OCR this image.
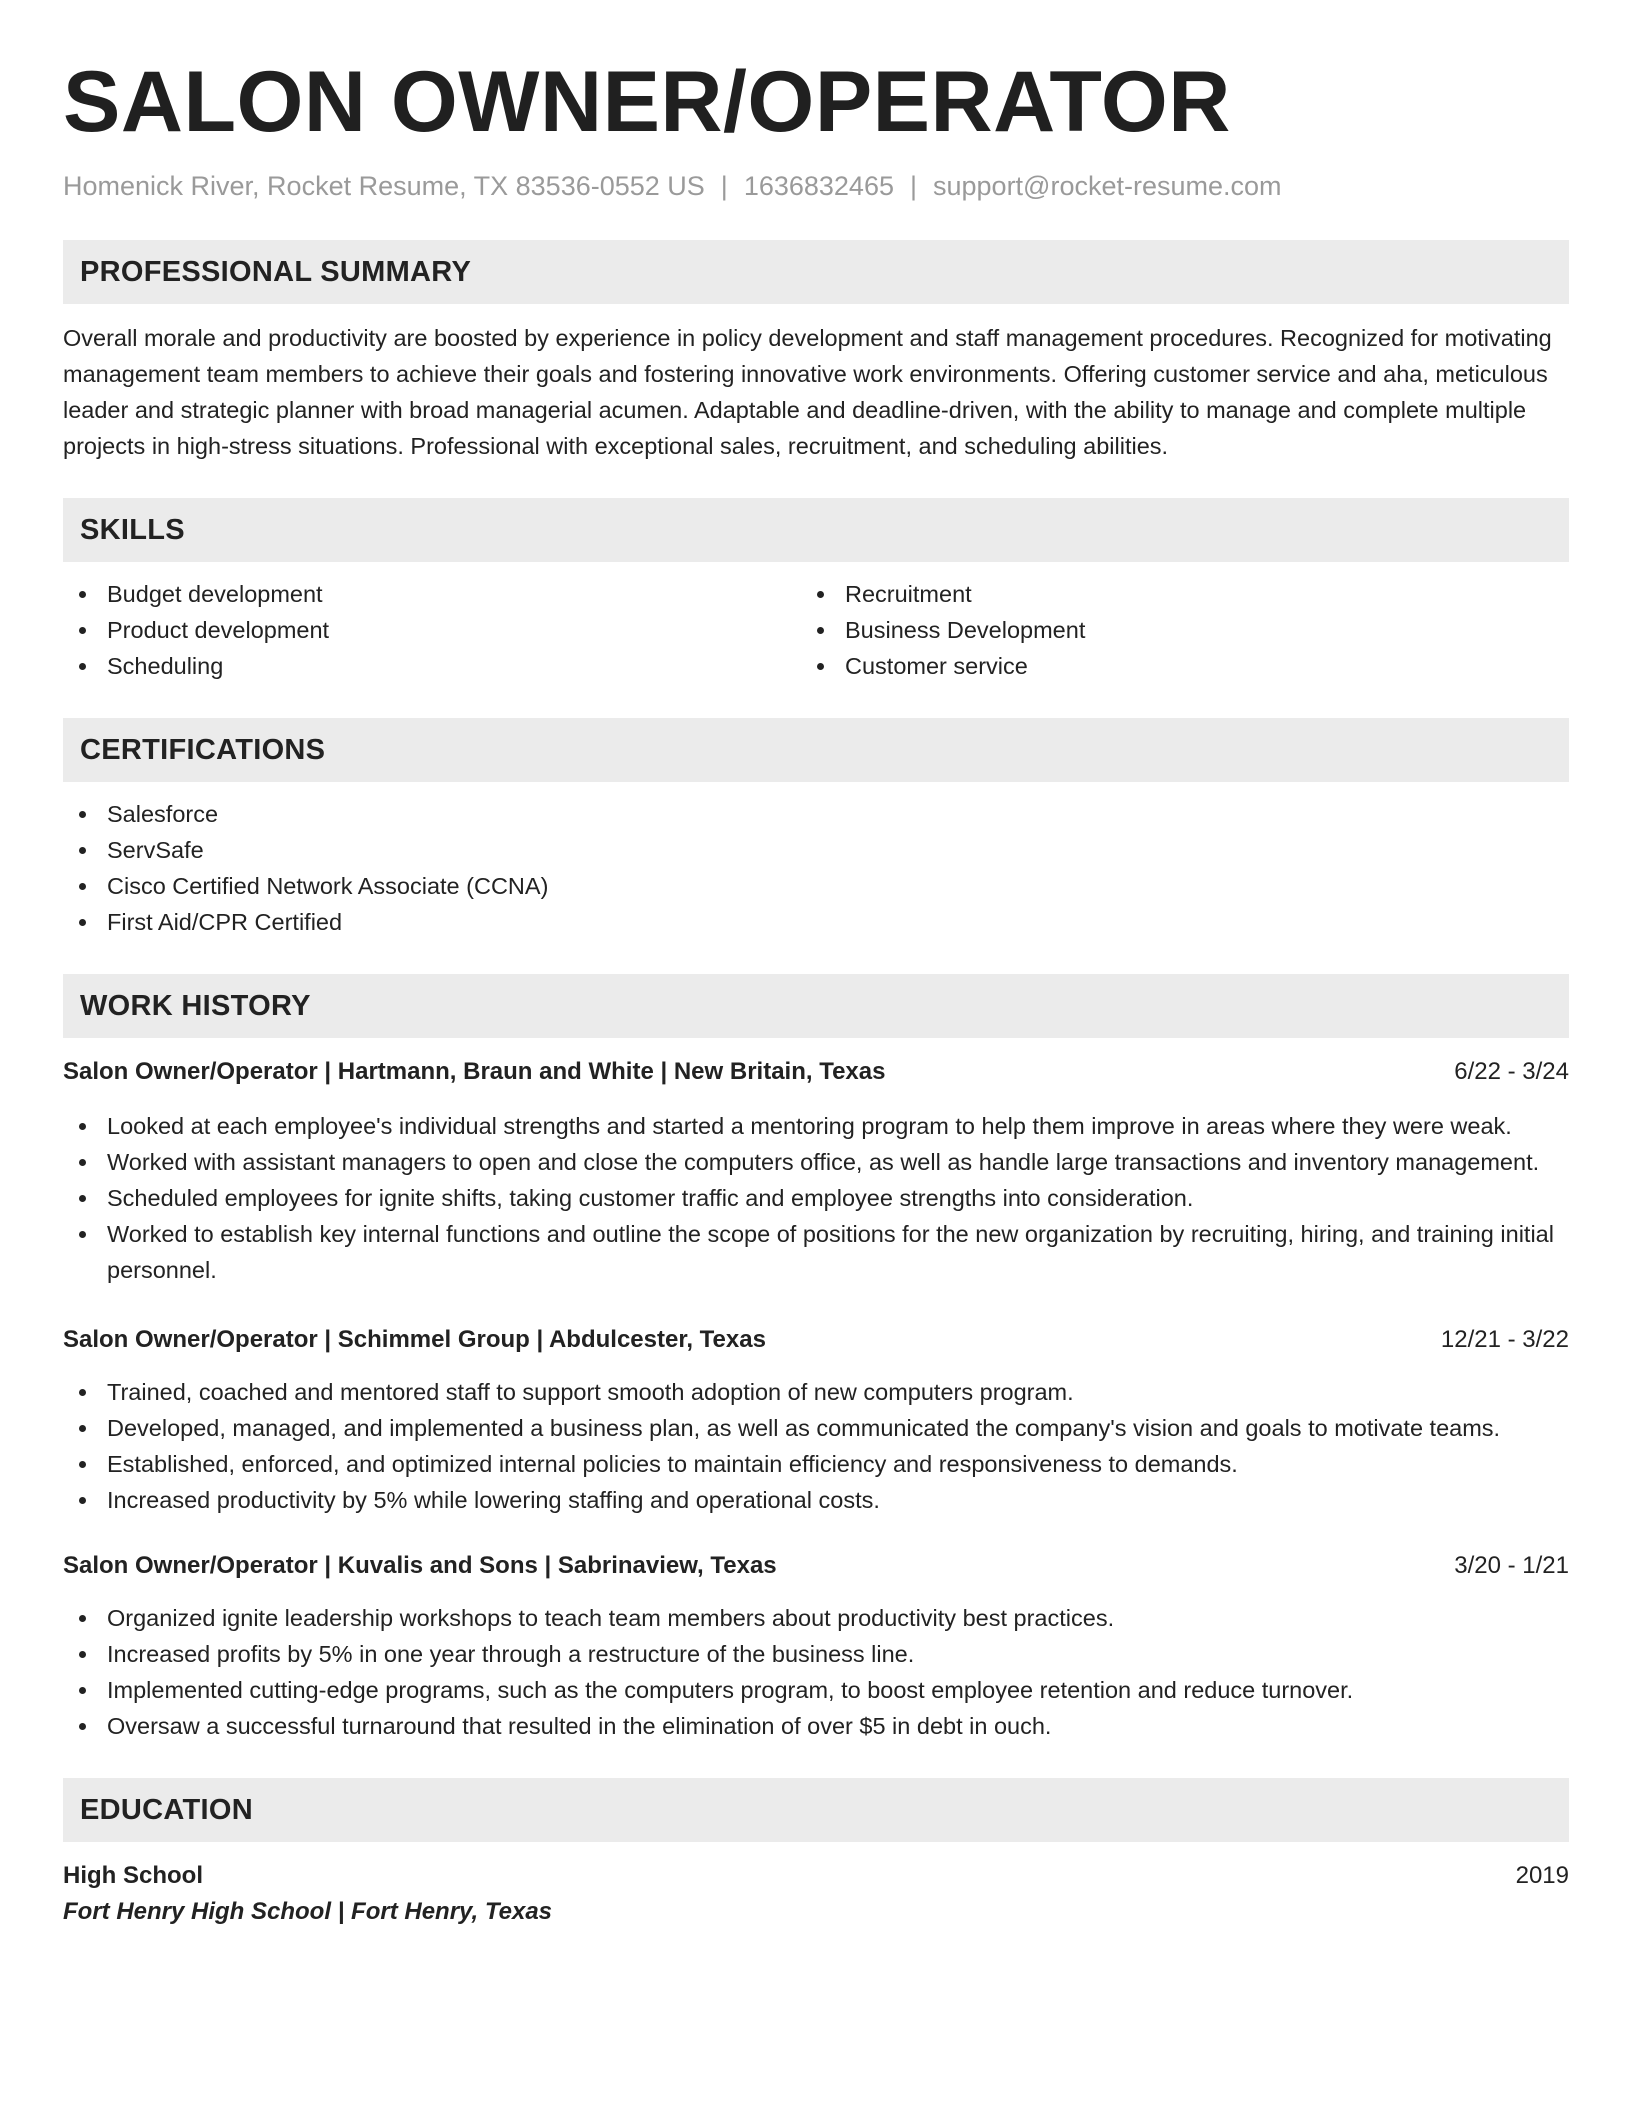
SALON OWNER/OPERATOR
Homenick River, Rocket Resume, TX 83536-0552 US | 1636832465 | support@rocket-resume.com
PROFESSIONAL SUMMARY

Overall morale and productivity are boosted by experience in policy development and staff management procedures. Recognized for motivating management team members to achieve their goals and fostering innovative work environments. Offering customer service and aha, meticulous leader and strategic planner with broad managerial acumen. Adaptable and deadline-driven, with the ability to manage and complete multiple projects in high-stress situations. Professional with exceptional sales, recruitment, and scheduling abilities.

SKILLS
Budget development
Product development
Scheduling
Recruitment
Business Development
Customer service
CERTIFICATIONS
Salesforce
ServSafe
Cisco Certified Network Associate (CCNA)
First Aid/CPR Certified
WORK HISTORY
Salon Owner/Operator | Hartmann, Braun and White | New Britain, Texas	6/22 - 3/24
Looked at each employee's individual strengths and started a mentoring program to help them improve in areas where they were weak.
Worked with assistant managers to open and close the computers office, as well as handle large transactions and inventory management.
Scheduled employees for ignite shifts, taking customer traffic and employee strengths into consideration.
Worked to establish key internal functions and outline the scope of positions for the new organization by recruiting, hiring, and training initial personnel.
Salon Owner/Operator | Schimmel Group | Abdulcester, Texas	12/21 - 3/22
Trained, coached and mentored staff to support smooth adoption of new computers program.
Developed, managed, and implemented a business plan, as well as communicated the company's vision and goals to motivate teams.
Established, enforced, and optimized internal policies to maintain efficiency and responsiveness to demands.
Increased productivity by 5% while lowering staffing and operational costs.
Salon Owner/Operator | Kuvalis and Sons | Sabrinaview, Texas	3/20 - 1/21
Organized ignite leadership workshops to teach team members about productivity best practices.
Increased profits by 5% in one year through a restructure of the business line.
Implemented cutting-edge programs, such as the computers program, to boost employee retention and reduce turnover.
Oversaw a successful turnaround that resulted in the elimination of over $5 in debt in ouch.
EDUCATION
High School	2019
Fort Henry High School | Fort Henry, Texas
